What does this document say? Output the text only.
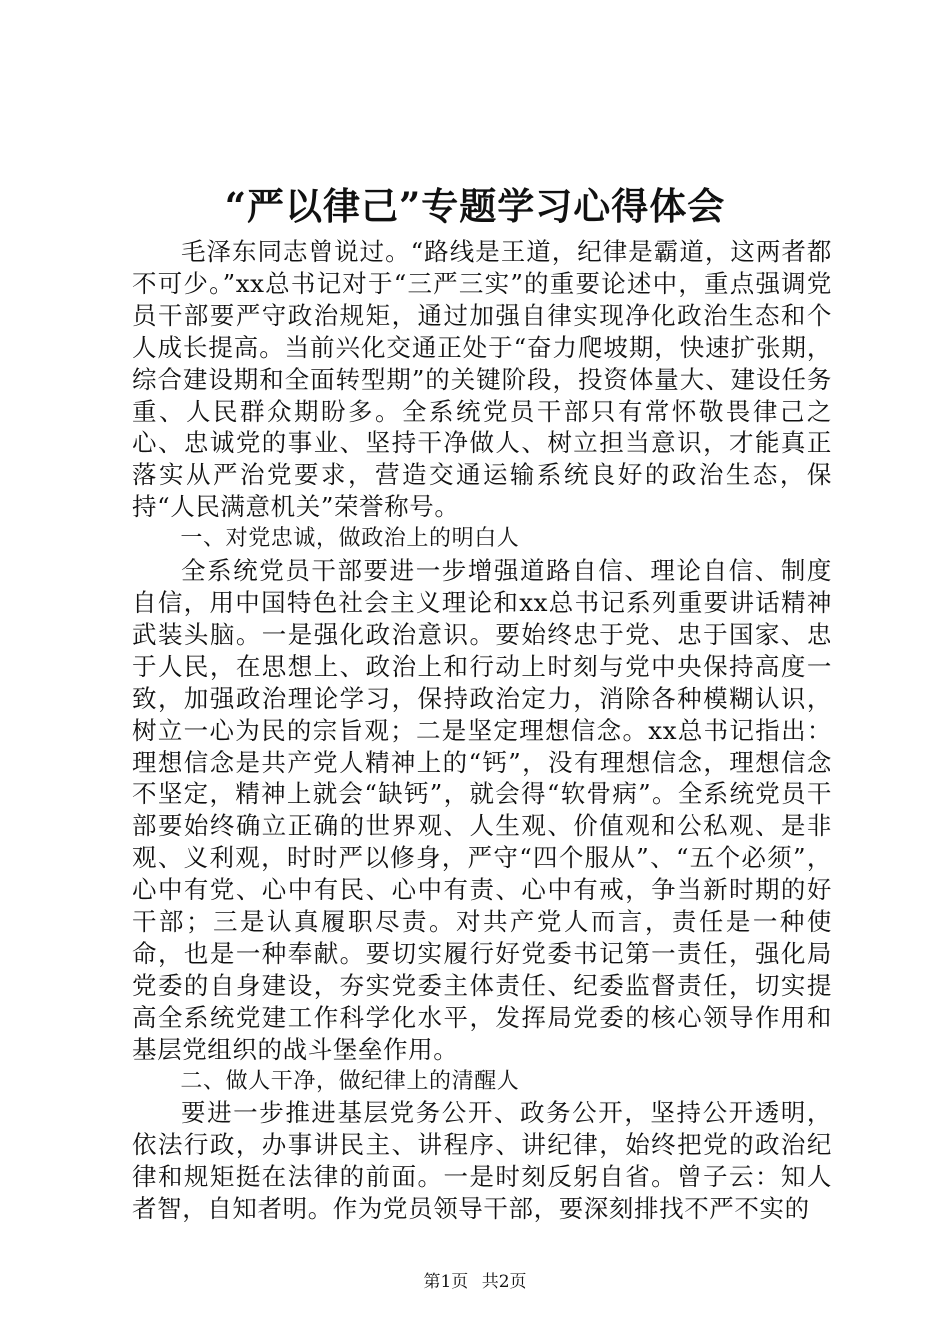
“严以律己”专题学习心得体会

毛泽东同志曾说过。“路线是王道，纪律是霸道，这两者都不可少。”xx总书记对于“三严三实”的重要论述中，重点强调党员干部要严守政治规矩，通过加强自律实现净化政治生态和个人成长提高。当前兴化交通正处于“奋力爬坡期，快速扩张期，综合建设期和全面转型期”的关键阶段，投资体量大、建设任务重、人民群众期盼多。全系统党员干部只有常怀敬畏律己之心、忠诚党的事业、坚持干净做人、树立担当意识，才能真正落实从严治党要求，营造交通运输系统良好的政治生态，保持“人民满意机关”荣誉称号。

一、对党忠诚，做政治上的明白人

全系统党员干部要进一步增强道路自信、理论自信、制度自信，用中国特色社会主义理论和xx总书记系列重要讲话精神武装头脑。一是强化政治意识。要始终忠于党、忠于国家、忠于人民，在思想上、政治上和行动上时刻与党中央保持高度一致，加强政治理论学习，保持政治定力，消除各种模糊认识，树立一心为民的宗旨观；二是坚定理想信念。xx总书记指出：理想信念是共产党人精神上的“钙”，没有理想信念，理想信念不坚定，精神上就会“缺钙”，就会得“软骨病”。全系统党员干部要始终确立正确的世界观、人生观、价值观和公私观、是非观、义利观，时时严以修身，严守“四个服从”、“五个必须”，心中有党、心中有民、心中有责、心中有戒，争当新时期的好干部；三是认真履职尽责。对共产党人而言，责任是一种使命，也是一种奉献。要切实履行好党委书记第一责任，强化局党委的自身建设，夯实党委主体责任、纪委监督责任，切实提高全系统党建工作科学化水平，发挥局党委的核心领导作用和基层党组织的战斗堡垒作用。

二、做人干净，做纪律上的清醒人

要进一步推进基层党务公开、政务公开，坚持公开透明，依法行政，办事讲民主、讲程序、讲纪律，始终把党的政治纪律和规矩挺在法律的前面。一是时刻反躬自省。曾子云：知人者智，自知者明。作为党员领导干部，要深刻排找不严不实的

第1页 共2页
